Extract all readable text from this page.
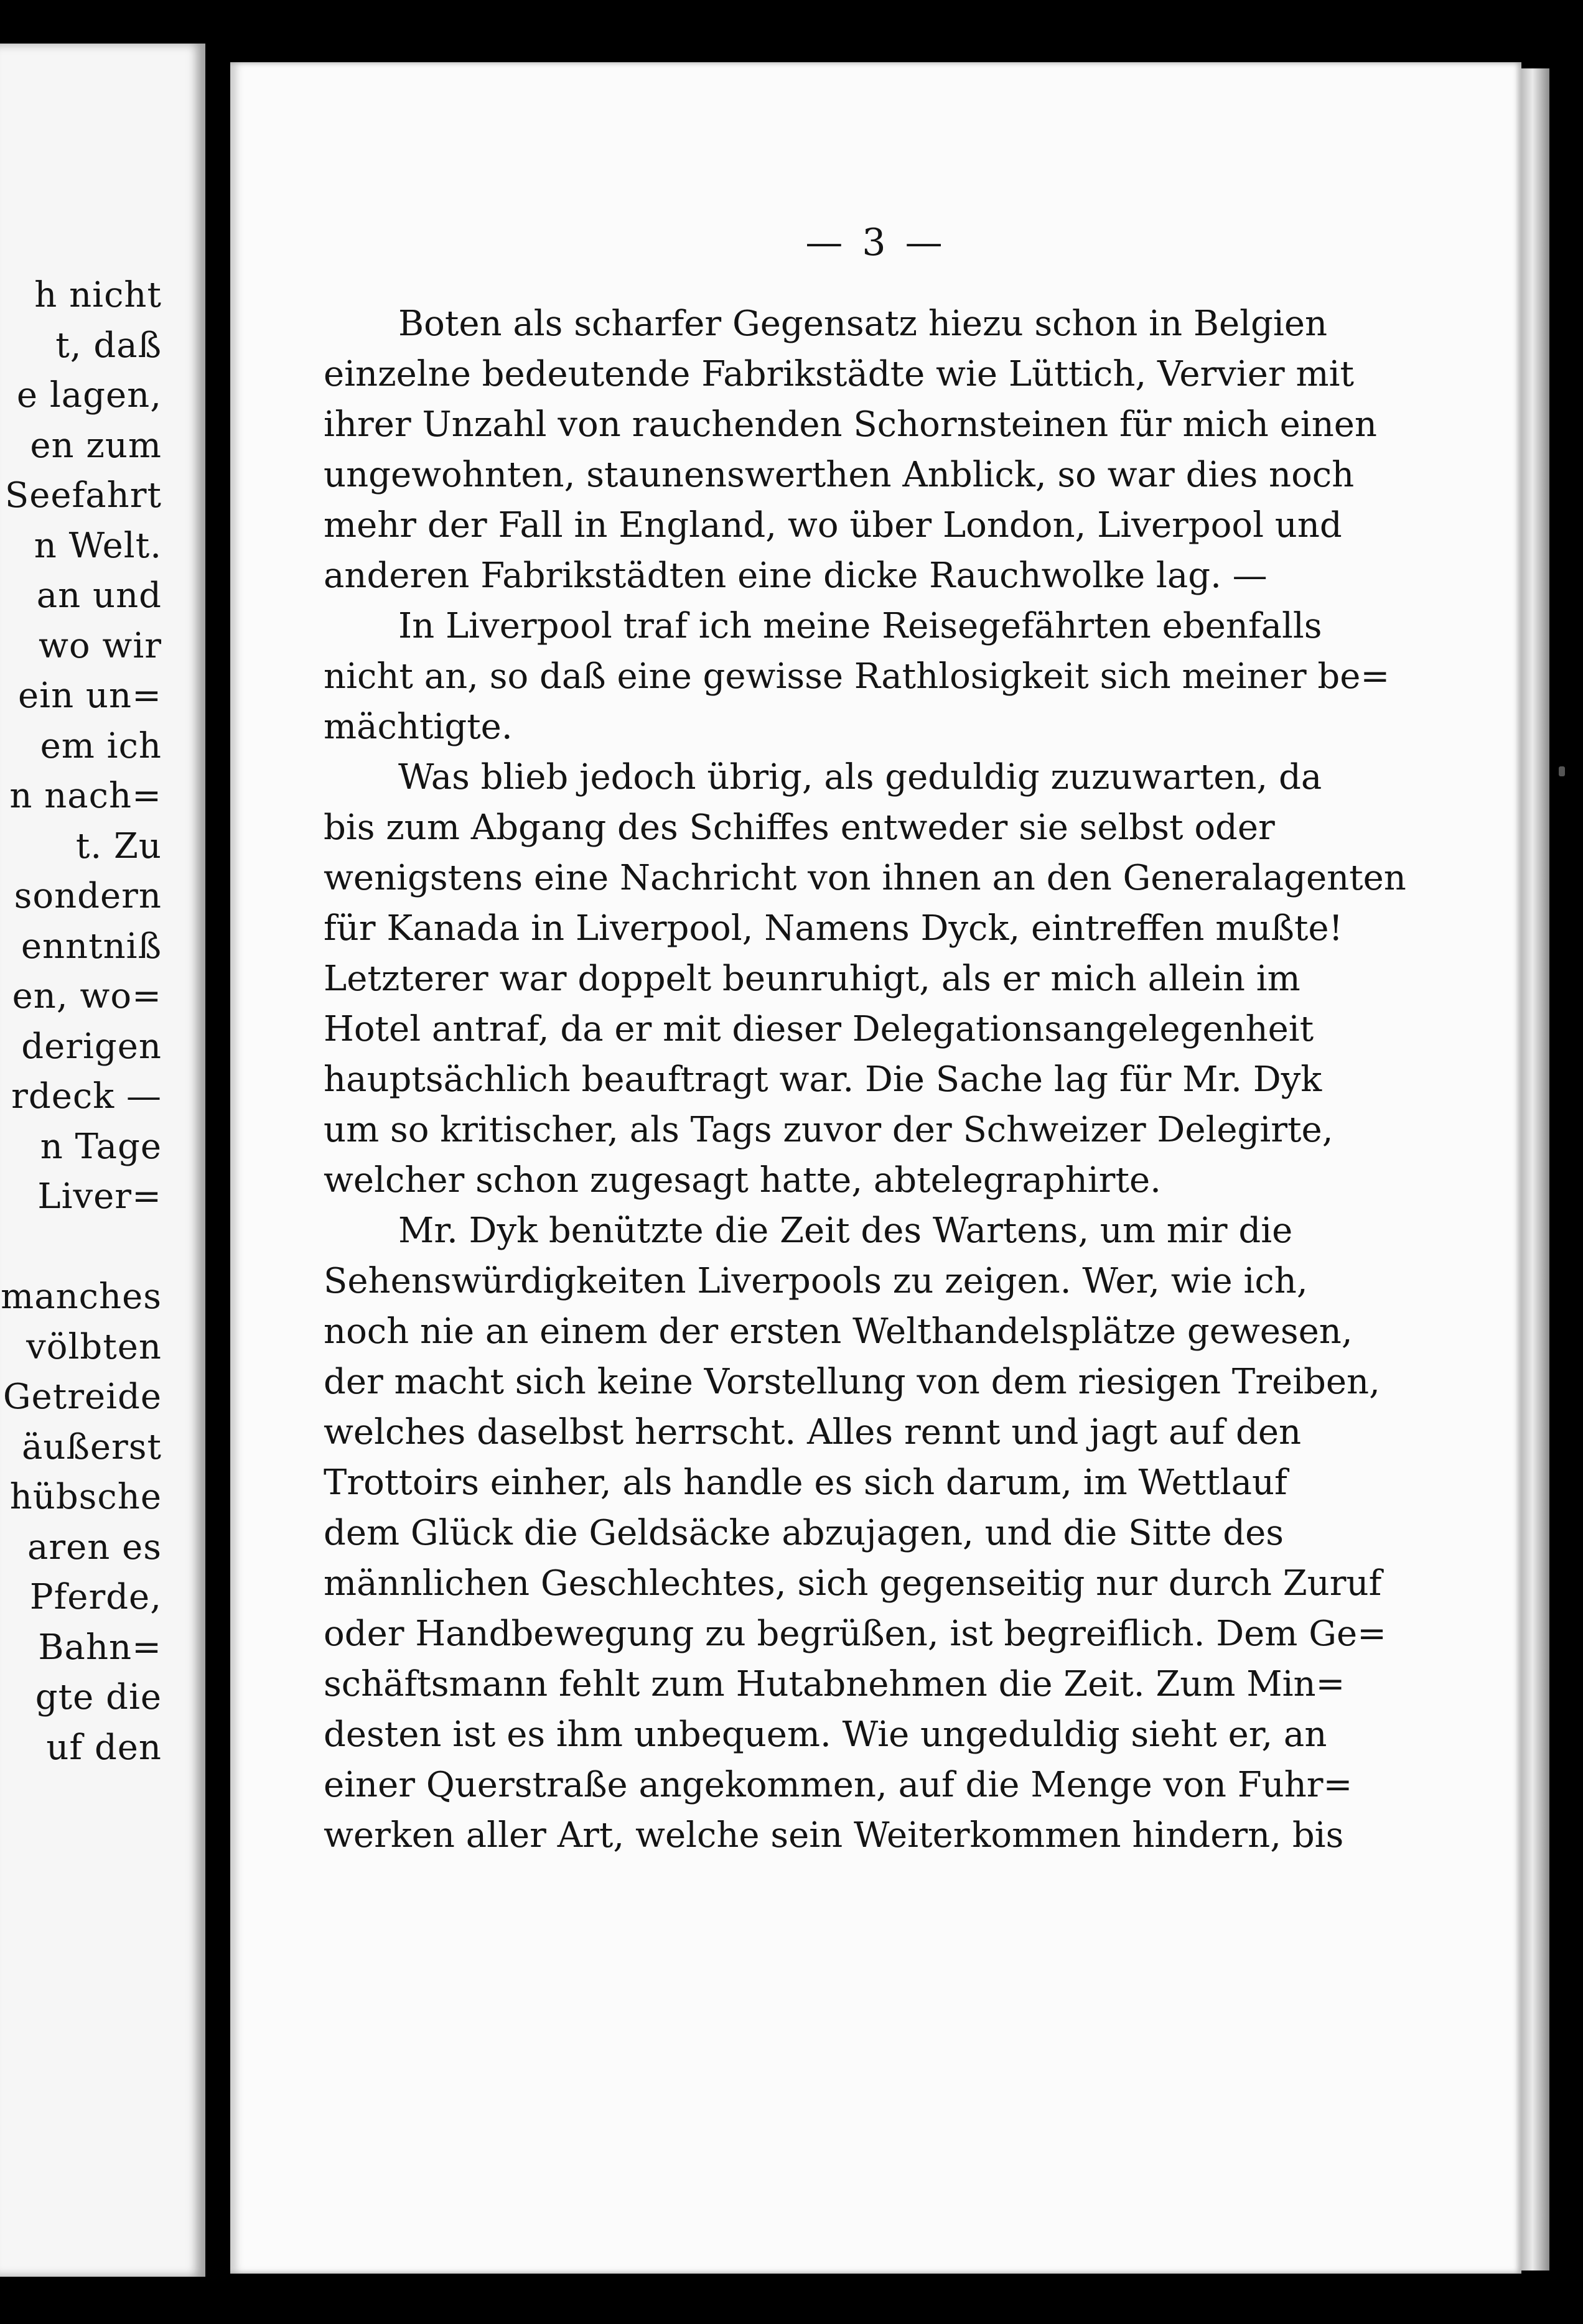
h nicht
t, daß
e lagen,
en zum
Seefahrt
n Welt.
an und
wo wir
ein un=
em ich
n nach=
t. Zu
sondern
enntniß
en, wo=
derigen
rdeck —
n Tage
Liver=
manches
völbten
Getreide
äußerst
hübsche
aren es
Pferde,
Bahn=
gte die
uf den
— 3 —
Boten als scharfer Gegensatz hiezu schon in Belgien
einzelne bedeutende Fabrikstädte wie Lüttich, Vervier mit
ihrer Unzahl von rauchenden Schornsteinen für mich einen
ungewohnten, staunenswerthen Anblick, so war dies noch
mehr der Fall in England, wo über London, Liverpool und
anderen Fabrikstädten eine dicke Rauchwolke lag. —
In Liverpool traf ich meine Reisegefährten ebenfalls
nicht an, so daß eine gewisse Rathlosigkeit sich meiner be=
mächtigte.
Was blieb jedoch übrig, als geduldig zuzuwarten, da
bis zum Abgang des Schiffes entweder sie selbst oder
wenigstens eine Nachricht von ihnen an den Generalagenten
für Kanada in Liverpool, Namens Dyck, eintreffen mußte!
Letzterer war doppelt beunruhigt, als er mich allein im
Hotel antraf, da er mit dieser Delegationsangelegenheit
hauptsächlich beauftragt war. Die Sache lag für Mr. Dyk
um so kritischer, als Tags zuvor der Schweizer Delegirte,
welcher schon zugesagt hatte, abtelegraphirte.
Mr. Dyk benützte die Zeit des Wartens, um mir die
Sehenswürdigkeiten Liverpools zu zeigen. Wer, wie ich,
noch nie an einem der ersten Welthandelsplätze gewesen,
der macht sich keine Vorstellung von dem riesigen Treiben,
welches daselbst herrscht. Alles rennt und jagt auf den
Trottoirs einher, als handle es sich darum, im Wettlauf
dem Glück die Geldsäcke abzujagen, und die Sitte des
männlichen Geschlechtes, sich gegenseitig nur durch Zuruf
oder Handbewegung zu begrüßen, ist begreiflich. Dem Ge=
schäftsmann fehlt zum Hutabnehmen die Zeit. Zum Min=
desten ist es ihm unbequem. Wie ungeduldig sieht er, an
einer Querstraße angekommen, auf die Menge von Fuhr=
werken aller Art, welche sein Weiterkommen hindern, bis
